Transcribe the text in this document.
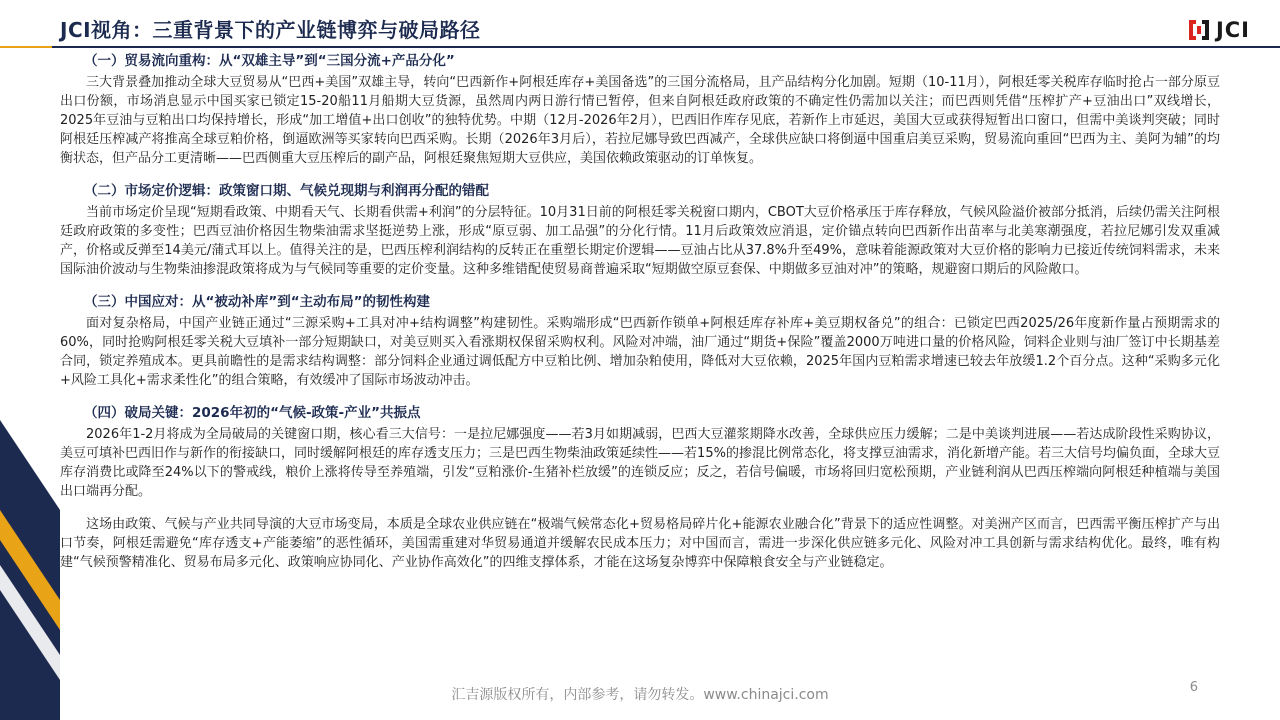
JCI视角：三重背景下的产业链博弈与破局路径	JCI
（一）贸易流向重构：从“双雄主导”到“三国分流+产品分化”

三大背景叠加推动全球大豆贸易从“巴西+美国”双雄主导，转向“巴西新作+阿根廷库存+美国备选”的三国分流格局，且产品结构分化加剧。短期（10-11月），阿根廷零关税库存临时抢占一部分原豆出口份额，市场消息显示中国买家已锁定15-20船11月船期大豆货源，虽然周内两日游行情已暂停，但来自阿根廷政府政策的不确定性仍需加以关注；而巴西则凭借“压榨扩产+豆油出口”双线增长，2025年豆油与豆粕出口均保持增长，形成“加工增值+出口创收”的独特优势。中期（12月-2026年2月），巴西旧作库存见底，若新作上市延迟，美国大豆或获得短暂出口窗口，但需中美谈判突破；同时阿根廷压榨减产将推高全球豆粕价格，倒逼欧洲等买家转向巴西采购。长期（2026年3月后），若拉尼娜导致巴西减产，全球供应缺口将倒逼中国重启美豆采购，贸易流向重回“巴西为主、美阿为辅”的均衡状态，但产品分工更清晰——巴西侧重大豆压榨后的副产品，阿根廷聚焦短期大豆供应，美国依赖政策驱动的订单恢复。

（二）市场定价逻辑：政策窗口期、气候兑现期与利润再分配的错配

当前市场定价呈现“短期看政策、中期看天气、长期看供需+利润”的分层特征。10月31日前的阿根廷零关税窗口期内，CBOT大豆价格承压于库存释放，气候风险溢价被部分抵消，后续仍需关注阿根廷政府政策的多变性；巴西豆油价格因生物柴油需求坚挺逆势上涨，形成“原豆弱、加工品强”的分化行情。11月后政策效应消退，定价锚点转向巴西新作出苗率与北美寒潮强度，若拉尼娜引发双重减产，价格或反弹至14美元/蒲式耳以上。值得关注的是，巴西压榨利润结构的反转正在重塑长期定价逻辑——豆油占比从37.8%升至49%，意味着能源政策对大豆价格的影响力已接近传统饲料需求，未来国际油价波动与生物柴油掺混政策将成为与气候同等重要的定价变量。这种多维错配使贸易商普遍采取“短期做空原豆套保、中期做多豆油对冲”的策略，规避窗口期后的风险敞口。

（三）中国应对：从“被动补库”到“主动布局”的韧性构建

面对复杂格局，中国产业链正通过“三源采购+工具对冲+结构调整”构建韧性。采购端形成“巴西新作锁单+阿根廷库存补库+美豆期权备兑”的组合：已锁定巴西2025/26年度新作量占预期需求的60%，同时抢购阿根廷零关税大豆填补一部分短期缺口，对美豆则买入看涨期权保留采购权利。风险对冲端，油厂通过“期货+保险”覆盖2000万吨进口量的价格风险，饲料企业则与油厂签订中长期基差合同，锁定养殖成本。更具前瞻性的是需求结构调整：部分饲料企业通过调低配方中豆粕比例、增加杂粕使用，降低对大豆依赖，2025年国内豆粕需求增速已较去年放缓1.2个百分点。这种“采购多元化+风险工具化+需求柔性化”的组合策略，有效缓冲了国际市场波动冲击。

（四）破局关键：2026年初的“气候-政策-产业”共振点

2026年1-2月将成为全局破局的关键窗口期，核心看三大信号：一是拉尼娜强度——若3月如期减弱，巴西大豆灌浆期降水改善，全球供应压力缓解；二是中美谈判进展——若达成阶段性采购协议，美豆可填补巴西旧作与新作的衔接缺口，同时缓解阿根廷的库存透支压力；三是巴西生物柴油政策延续性——若15%的掺混比例常态化，将支撑豆油需求，消化新增产能。若三大信号均偏负面，全球大豆库存消费比或降至24%以下的警戒线，粮价上涨将传导至养殖端，引发“豆粕涨价-生猪补栏放缓”的连锁反应；反之，若信号偏暖，市场将回归宽松预期，产业链利润从巴西压榨端向阿根廷种植端与美国出口端再分配。

这场由政策、气候与产业共同导演的大豆市场变局，本质是全球农业供应链在“极端气候常态化+贸易格局碎片化+能源农业融合化”背景下的适应性调整。对美洲产区而言，巴西需平衡压榨扩产与出口节奏，阿根廷需避免“库存透支+产能萎缩”的恶性循环，美国需重建对华贸易通道并缓解农民成本压力；对中国而言，需进一步深化供应链多元化、风险对冲工具创新与需求结构优化。最终，唯有构建“气候预警精准化、贸易布局多元化、政策响应协同化、产业协作高效化”的四维支撑体系，才能在这场复杂博弈中保障粮食安全与产业链稳定。

汇吉源版权所有，内部参考，请勿转发。www.chinajci.com	6
